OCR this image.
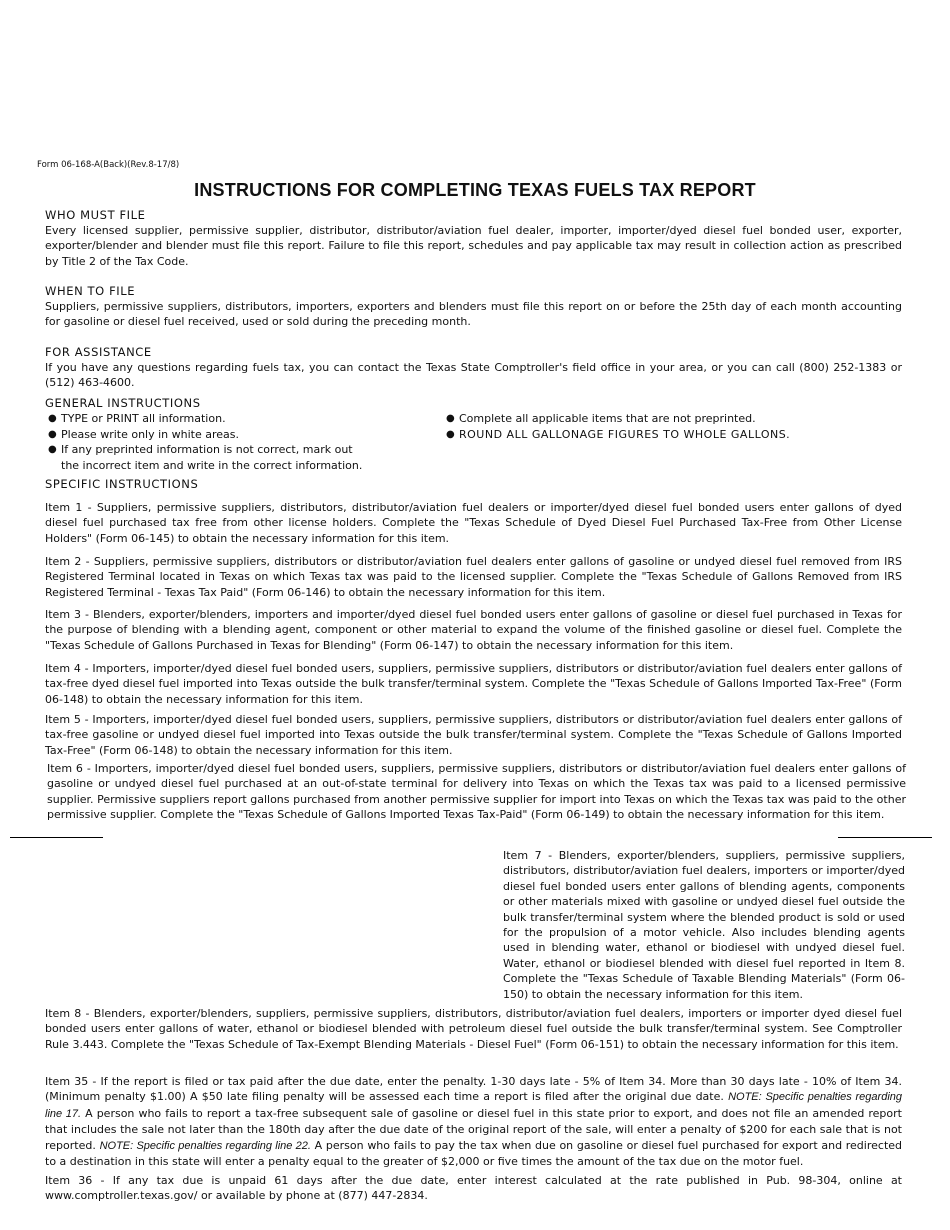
Form 06-168-A(Back)(Rev.8-17/8)
INSTRUCTIONS FOR COMPLETING TEXAS FUELS TAX REPORT
WHO MUST FILE
Every licensed supplier, permissive supplier, distributor, distributor/aviation fuel dealer, importer, importer/dyed diesel fuel bonded user, exporter, exporter/blender and blender must file this report. Failure to file this report, schedules and pay applicable tax may result in collection action as prescribed by Title 2 of the Tax Code.
WHEN TO FILE
Suppliers, permissive suppliers, distributors, importers, exporters and blenders must file this report on or before the 25th day of each month accounting for gasoline or diesel fuel received, used or sold during the preceding month.
FOR ASSISTANCE
If you have any questions regarding fuels tax, you can contact the Texas State Comptroller's field office in your area, or you can call (800) 252-1383 or (512) 463-4600.
GENERAL INSTRUCTIONS
● TYPE or PRINT all information.
● Please write only in white areas.
● If any preprinted information is not correct, mark out the incorrect item and write in the correct information.
● Complete all applicable items that are not preprinted.
● ROUND ALL GALLONAGE FIGURES TO WHOLE GALLONS.
SPECIFIC INSTRUCTIONS
Item 1 - Suppliers, permissive suppliers, distributors, distributor/aviation fuel dealers or importer/dyed diesel fuel bonded users enter gallons of dyed diesel fuel purchased tax free from other license holders. Complete the "Texas Schedule of Dyed Diesel Fuel Purchased Tax-Free from Other License Holders" (Form 06-145) to obtain the necessary information for this item.
Item 2 - Suppliers, permissive suppliers, distributors or distributor/aviation fuel dealers enter gallons of gasoline or undyed diesel fuel removed from IRS Registered Terminal located in Texas on which Texas tax was paid to the licensed supplier. Complete the "Texas Schedule of Gallons Removed from IRS Registered Terminal - Texas Tax Paid" (Form 06-146) to obtain the necessary information for this item.
Item 3 - Blenders, exporter/blenders, importers and importer/dyed diesel fuel bonded users enter gallons of gasoline or diesel fuel purchased in Texas for the purpose of blending with a blending agent, component or other material to expand the volume of the finished gasoline or diesel fuel. Complete the "Texas Schedule of Gallons Purchased in Texas for Blending" (Form 06-147) to obtain the necessary information for this item.
Item 4 - Importers, importer/dyed diesel fuel bonded users, suppliers, permissive suppliers, distributors or distributor/aviation fuel dealers enter gallons of tax-free dyed diesel fuel imported into Texas outside the bulk transfer/terminal system. Complete the "Texas Schedule of Gallons Imported Tax-Free" (Form 06-148) to obtain the necessary information for this item.
Item 5 - Importers, importer/dyed diesel fuel bonded users, suppliers, permissive suppliers, distributors or distributor/aviation fuel dealers enter gallons of tax-free gasoline or undyed diesel fuel imported into Texas outside the bulk transfer/terminal system. Complete the "Texas Schedule of Gallons Imported Tax-Free" (Form 06-148) to obtain the necessary information for this item.
Item 6 - Importers, importer/dyed diesel fuel bonded users, suppliers, permissive suppliers, distributors or distributor/aviation fuel dealers enter gallons of gasoline or undyed diesel fuel purchased at an out-of-state terminal for delivery into Texas on which the Texas tax was paid to a licensed permissive supplier. Permissive suppliers report gallons purchased from another permissive supplier for import into Texas on which the Texas tax was paid to the other permissive supplier. Complete the "Texas Schedule of Gallons Imported Texas Tax-Paid" (Form 06-149) to obtain the necessary information for this item.
Item 7 - Blenders, exporter/blenders, suppliers, permissive suppliers, distributors, distributor/aviation fuel dealers, importers or importer/dyed diesel fuel bonded users enter gallons of blending agents, components or other materials mixed with gasoline or undyed diesel fuel outside the bulk transfer/terminal system where the blended product is sold or used for the propulsion of a motor vehicle. Also includes blending agents used in blending water, ethanol or biodiesel with undyed diesel fuel. Water, ethanol or biodiesel blended with diesel fuel reported in Item 8. Complete the "Texas Schedule of Taxable Blending Materials" (Form 06-150) to obtain the necessary information for this item.
Item 8 - Blenders, exporter/blenders, suppliers, permissive suppliers, distributors, distributor/aviation fuel dealers, importers or importer dyed diesel fuel bonded users enter gallons of water, ethanol or biodiesel blended with petroleum diesel fuel outside the bulk transfer/terminal system. See Comptroller Rule 3.443. Complete the "Texas Schedule of Tax-Exempt Blending Materials - Diesel Fuel" (Form 06-151) to obtain the necessary information for this item.
Item 35 - If the report is filed or tax paid after the due date, enter the penalty. 1-30 days late - 5% of Item 34. More than 30 days late - 10% of Item 34. (Minimum penalty $1.00) A $50 late filing penalty will be assessed each time a report is filed after the original due date. NOTE: Specific penalties regarding line 17. A person who fails to report a tax-free subsequent sale of gasoline or diesel fuel in this state prior to export, and does not file an amended report that includes the sale not later than the 180th day after the due date of the original report of the sale, will enter a penalty of $200 for each sale that is not reported. NOTE: Specific penalties regarding line 22. A person who fails to pay the tax when due on gasoline or diesel fuel purchased for export and redirected to a destination in this state will enter a penalty equal to the greater of $2,000 or five times the amount of the tax due on the motor fuel.
Item 36 - If any tax due is unpaid 61 days after the due date, enter interest calculated at the rate published in Pub. 98-304, online at www.comptroller.texas.gov/ or available by phone at (877) 447-2834.
